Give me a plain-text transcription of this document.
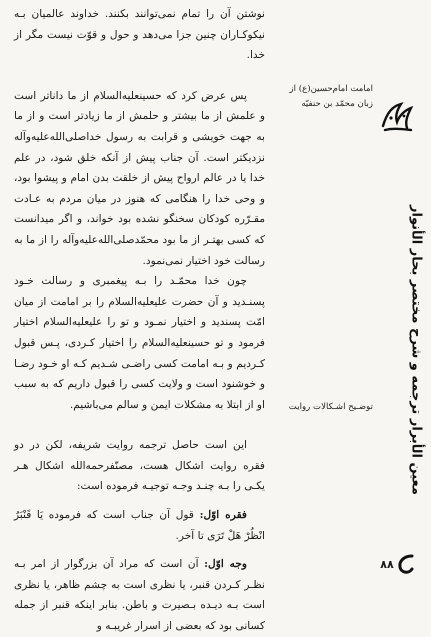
نوشتن آن را تمام نمی‌توانند بکنند. خداوند عالمیان بـه نیکوکـاران چنین جزا می‌دهد و حول و قوّت نیست مگر از خدا.

پس عرض کرد که حسینعلیه‌السلام از ما داناتر است و علمش از ما بیشتر و حلمش از ما زیادتر است و از ما به جهت خویشی و قرابت به رسول خداصلی‌الله‌علیه‌وآله نزدیکتر است. آن جناب پیش از آنکه خلق شود، در علم خدا یا در عالم ارواح پیش از خلقت بدن امام و پیشوا بود، و وحی خدا را هنگامی که هنوز در میان مردم به عـادت مقـرّره کودکان سخنگو نشده بود خواند، و اگر میدانست که کسی بهتـر از ما بود محمّدصلی‌الله‌علیه‌وآله را از ما به رسالت خود اختیار نمی‌نمود.

چون خدا محمّـد را بـه پیغمبری و رسالت خـود پسنـدید و آن حضرت علیعلیه‌السلام را بر امامت از میان امّت پسندید و اختیار نمـود و تو را علیعلیه‌السلام اختیار فرمود و تو حسینعلیه‌السلام را اختیار کـردی، پـس قبول کـردیم و بـه امامت کسی راضـی شـدیم کـه او خـود رضـا و خوشنود است و ولایت کسی را قبول داریم که به سبب او از ابتلا به مشکلات ایمن و سالم می‌باشیم.

این است حاصل ترجمه روایت شریفه، لکن در دو فقره روایت اشکال هست، مصنّفرحمه‌الله اشکال هـر یکـی را بـه چنـد وجـه توجیـه فرموده است:

فقره اوّل: قول آن جناب است که فرموده يَا قَنْبَرُ انْظُرْ هَلْ تَرَى تا آخر.

وجه اوّل: آن است که مراد آن بزرگوار از امر بـه نظـر کـردن قنبر، یا نظری است به چشم ظاهر، یا نظری است بـه دیـده بـصیرت و باطن. بنابر اینکه قنبر از جمله کسانی بود که بعضی از اسرار غریبـه و

امامت امام‌حسین(ع) از زبان محمّد بن حنفیّه
توضـیح اشـکالات روایت	معین الأبرار ترجمه و شرح مختصر بحار الأنوار
۸۸
